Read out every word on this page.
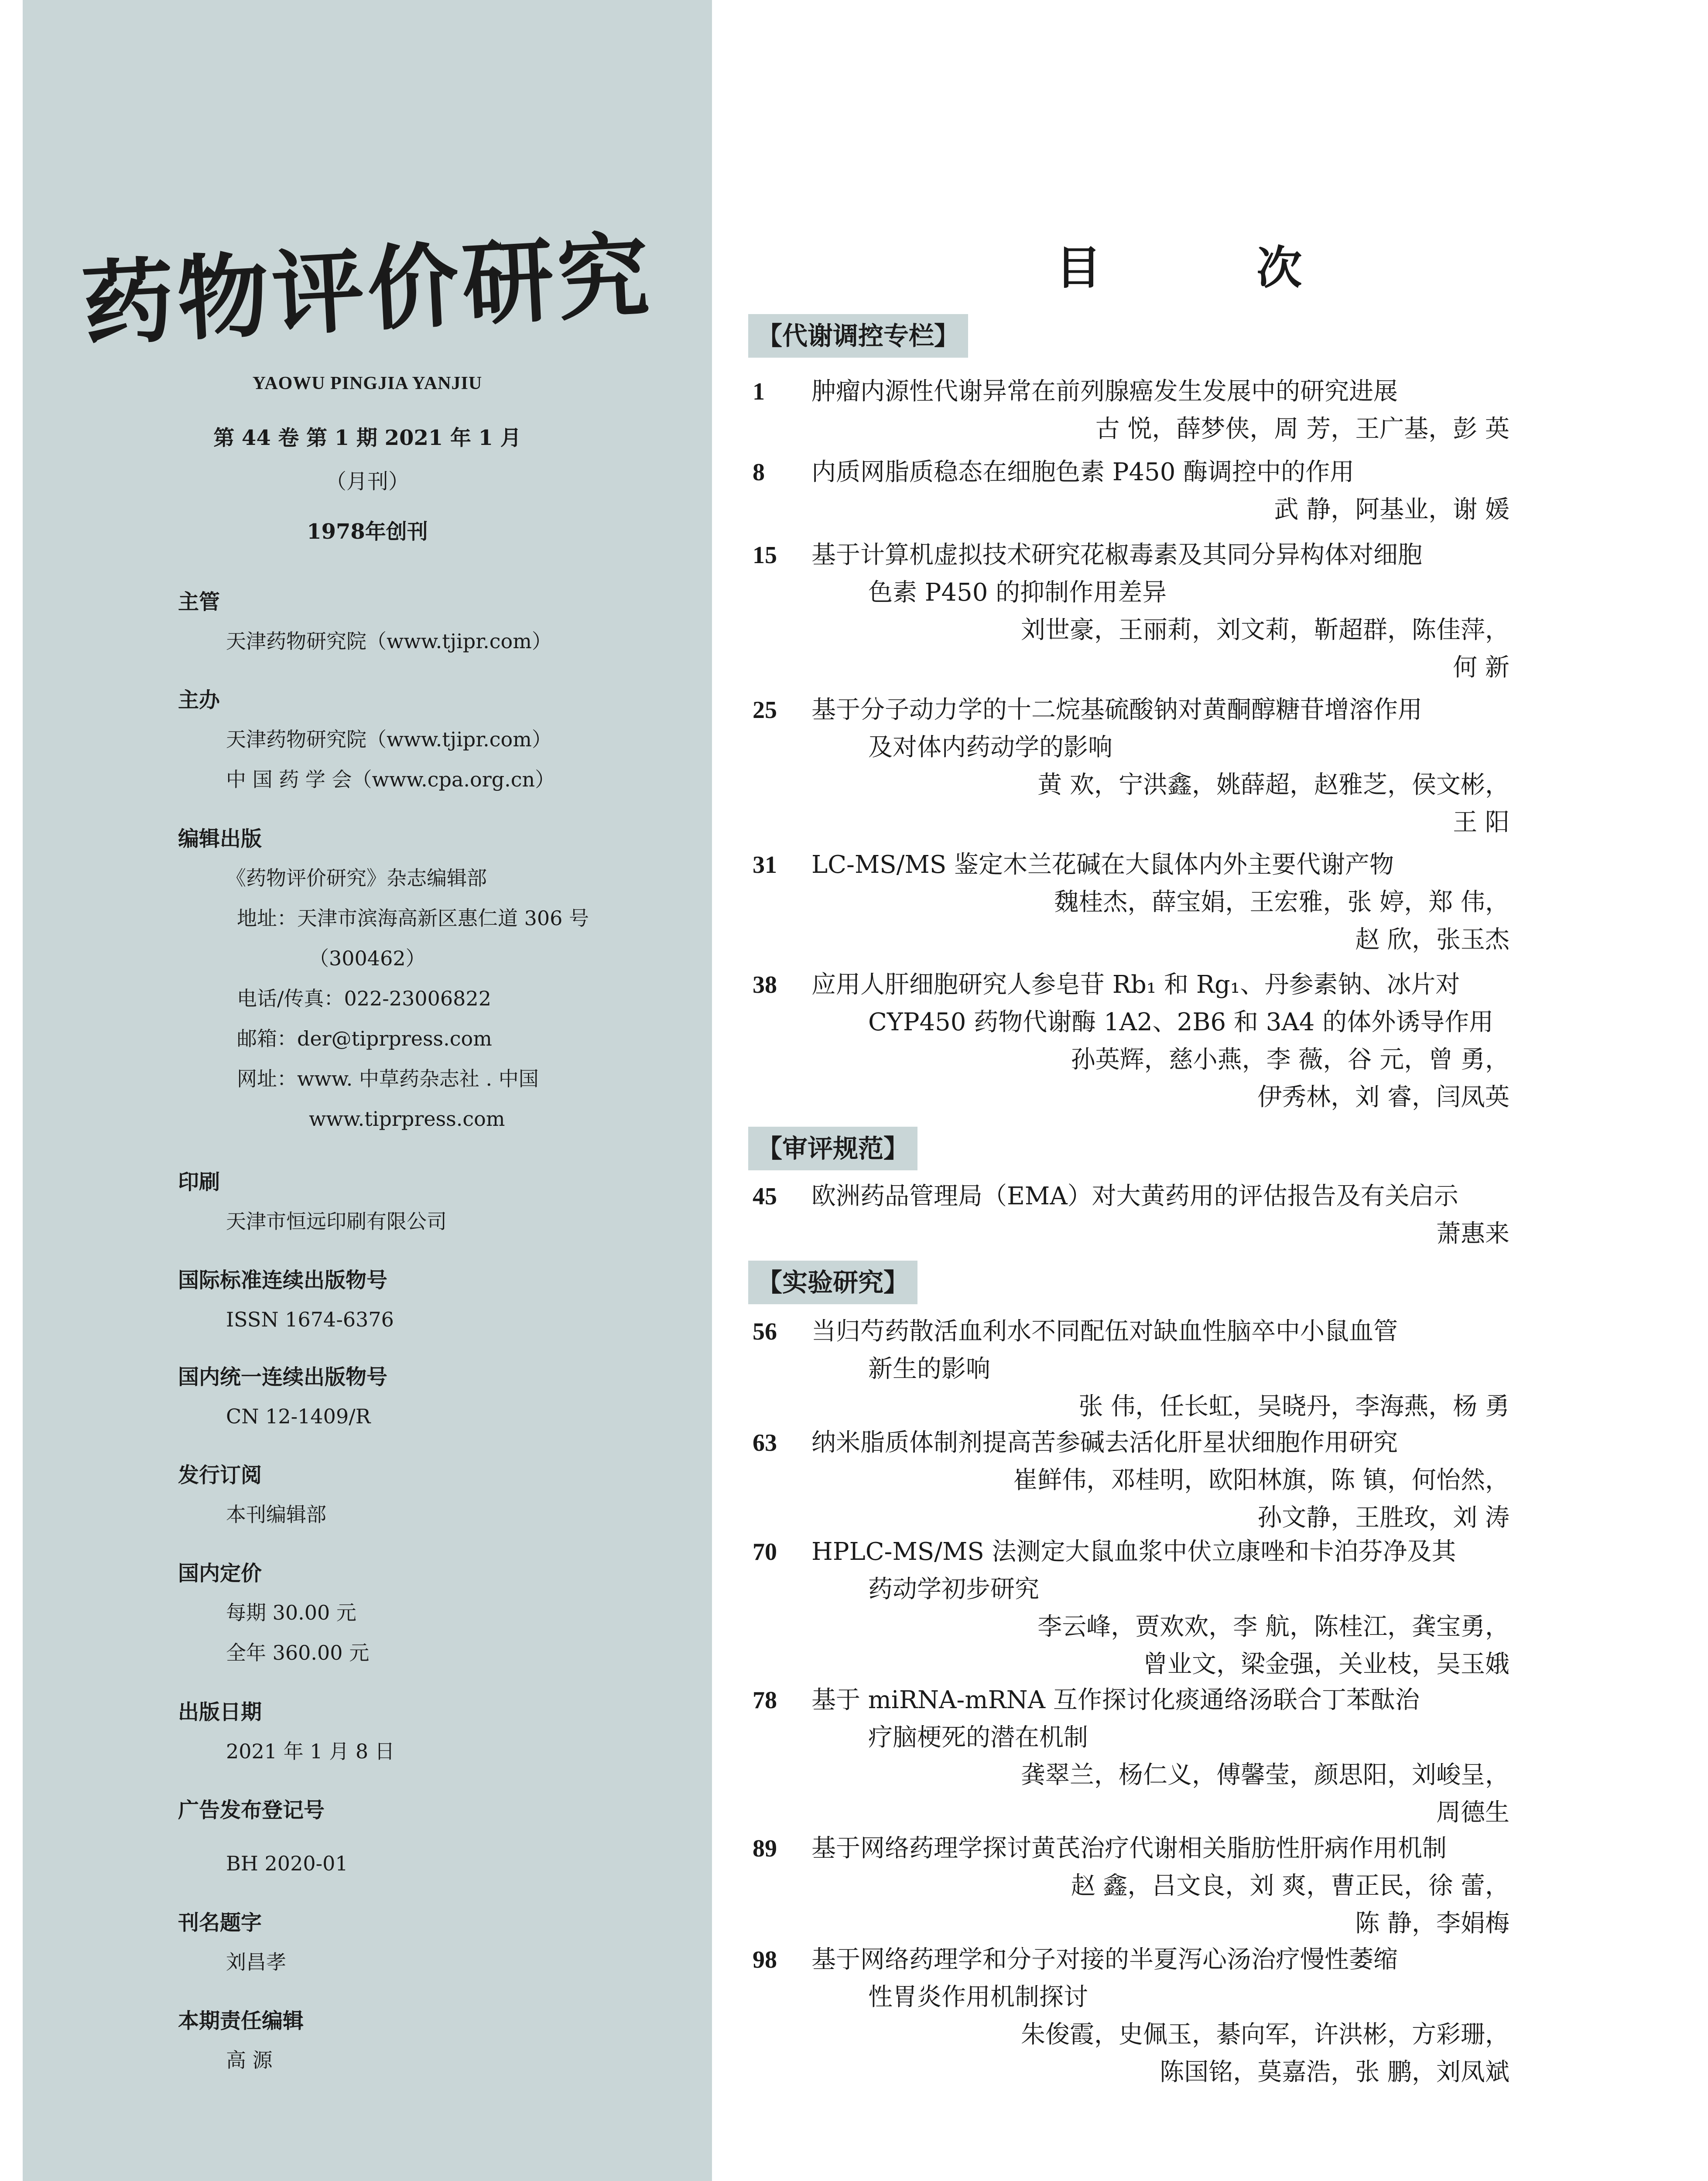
药物评价研究
YAOWU PINGJIA YANJIU
第 44 卷 第 1 期 2021 年 1 月
（月刊）
1978年创刊
主管
天津药物研究院（www.tjipr.com）
主办
天津药物研究院（www.tjipr.com）
中 国 药 学 会（www.cpa.org.cn）
编辑出版
《药物评价研究》杂志编辑部
地址：天津市滨海高新区惠仁道 306 号
（300462）
电话/传真：022-23006822
邮箱：der@tiprpress.com
网址：www. 中草药杂志社 . 中国
www.tiprpress.com
印刷
天津市恒远印刷有限公司
国际标准连续出版物号
ISSN 1674-6376
国内统一连续出版物号
CN 12-1409/R
发行订阅
本刊编辑部
国内定价
每期 30.00 元
全年 360.00 元
出版日期
2021 年 1 月 8 日
广告发布登记号
BH 2020-01
刊名题字
刘昌孝
本期责任编辑
高 源
目 次
【代谢调控专栏】
1	肿瘤内源性代谢异常在前列腺癌发生发展中的研究进展
古 悦，薛梦侠，周 芳，王广基，彭 英
8	内质网脂质稳态在细胞色素 P450 酶调控中的作用
武 静，阿基业，谢 媛
15	基于计算机虚拟技术研究花椒毒素及其同分异构体对细胞
色素 P450 的抑制作用差异
刘世豪，王丽莉，刘文莉，靳超群，陈佳萍，
何 新
25	基于分子动力学的十二烷基硫酸钠对黄酮醇糖苷增溶作用
及对体内药动学的影响
黄 欢，宁洪鑫，姚薛超，赵雅芝，侯文彬，
王 阳
31	LC-MS/MS 鉴定木兰花碱在大鼠体内外主要代谢产物
魏桂杰，薛宝娟，王宏雅，张 婷，郑 伟，
赵 欣，张玉杰
38	应用人肝细胞研究人参皂苷 Rb₁ 和 Rg₁、丹参素钠、冰片对
CYP450 药物代谢酶 1A2、2B6 和 3A4 的体外诱导作用
孙英辉，慈小燕，李 薇，谷 元，曾 勇，
伊秀林，刘 睿，闫凤英
【审评规范】
45	欧洲药品管理局（EMA）对大黄药用的评估报告及有关启示
萧惠来
【实验研究】
56	当归芍药散活血利水不同配伍对缺血性脑卒中小鼠血管
新生的影响
张 伟，任长虹，吴晓丹，李海燕，杨 勇
63	纳米脂质体制剂提高苦参碱去活化肝星状细胞作用研究
崔鲜伟，邓桂明，欧阳林旗，陈 镇，何怡然，
孙文静，王胜玫，刘 涛
70	HPLC-MS/MS 法测定大鼠血浆中伏立康唑和卡泊芬净及其
药动学初步研究
李云峰，贾欢欢，李 航，陈桂江，龚宝勇，
曾业文，梁金强，关业枝，吴玉娥
78	基于 miRNA-mRNA 互作探讨化痰通络汤联合丁苯酞治
疗脑梗死的潜在机制
龚翠兰，杨仁义，傅馨莹，颜思阳，刘峻呈，
周德生
89	基于网络药理学探讨黄芪治疗代谢相关脂肪性肝病作用机制
赵 鑫，吕文良，刘 爽，曹正民，徐 蕾，
陈 静，李娟梅
98	基于网络药理学和分子对接的半夏泻心汤治疗慢性萎缩
性胃炎作用机制探讨
朱俊霞，史佩玉，綦向军，许洪彬，方彩珊，
陈国铭，莫嘉浩，张 鹏，刘凤斌
